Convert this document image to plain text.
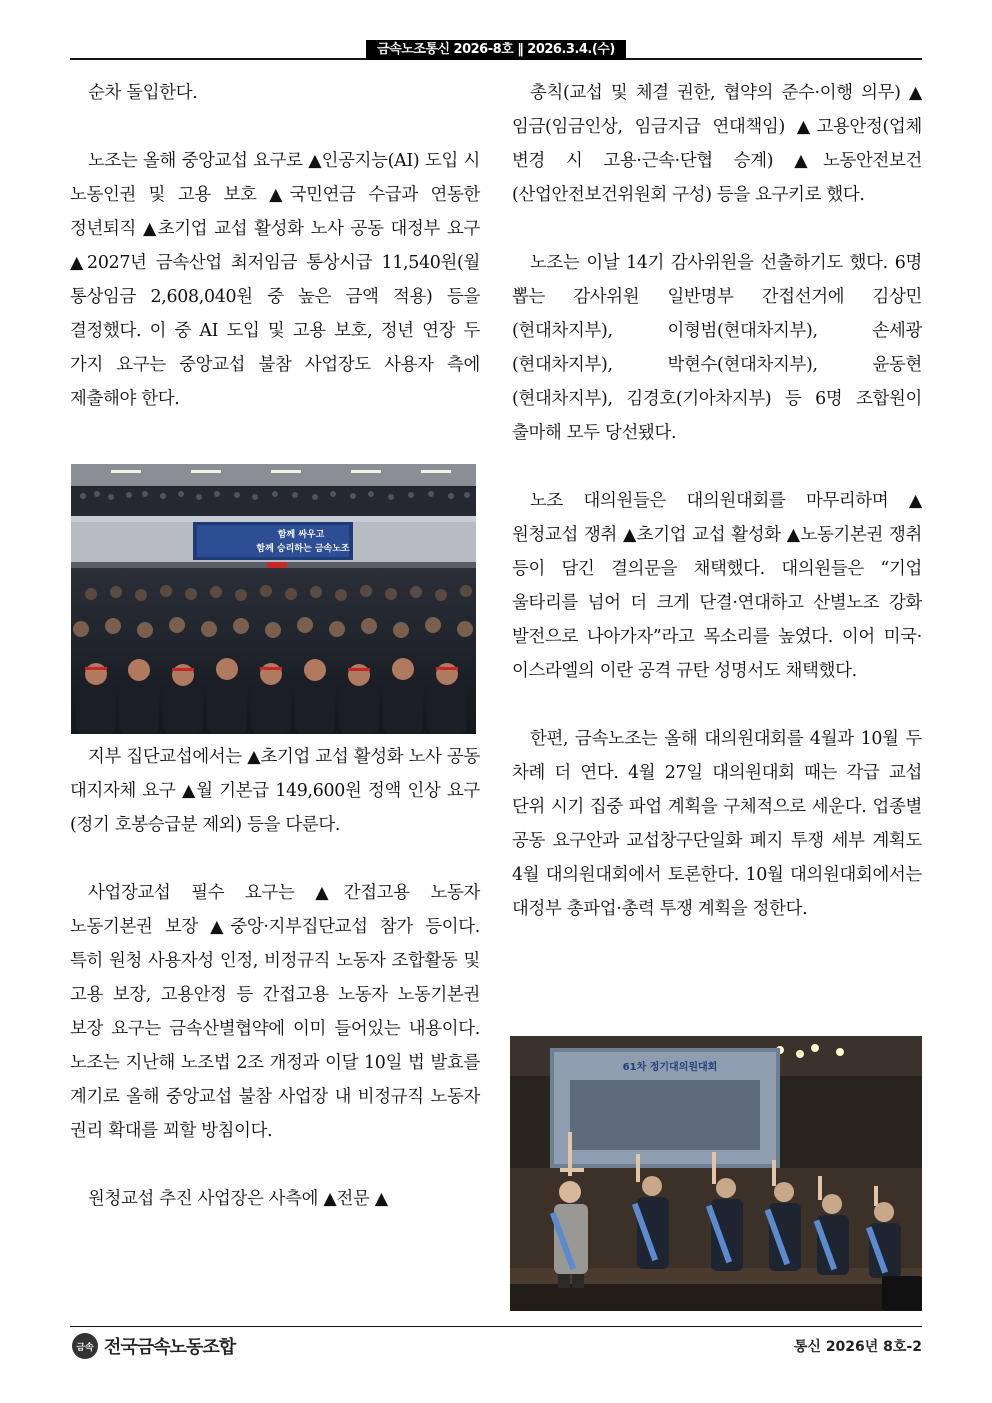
금속노조통신 2026-8호 ‖ 2026.3.4.(수)

순차 돌입한다.

노조는 올해 중앙교섭 요구로 ▲인공지능(AI) 도입 시 노동인권 및 고용 보호 ▲국민연금 수급과 연동한 정년퇴직 ▲초기업 교섭 활성화 노사 공동 대정부 요구 ▲2027년 금속산업 최저임금 통상시급 11,540원(월 통상임금 2,608,040원 중 높은 금액 적용) 등을 결정했다. 이 중 AI 도입 및 고용 보호, 정년 연장 두 가지 요구는 중앙교섭 불참 사업장도 사용자 측에 제출해야 한다.

지부 집단교섭에서는 ▲초기업 교섭 활성화 노사 공동 대지자체 요구 ▲월 기본급 149,600원 정액 인상 요구(정기 호봉승급분 제외) 등을 다룬다.

사업장교섭 필수 요구는 ▲간접고용 노동자 노동기본권 보장 ▲중앙·지부집단교섭 참가 등이다. 특히 원청 사용자성 인정, 비정규직 노동자 조합활동 및 고용 보장, 고용안정 등 간접고용 노동자 노동기본권 보장 요구는 금속산별협약에 이미 들어있는 내용이다. 노조는 지난해 노조법 2조 개정과 이달 10일 법 발효를 계기로 올해 중앙교섭 불참 사업장 내 비정규직 노동자 권리 확대를 꾀할 방침이다.

원청교섭 추진 사업장은 사측에 ▲전문 ▲

함께 싸우고
함께 승리하는 금속노조

총칙(교섭 및 체결 권한, 협약의 준수·이행 의무) ▲임금(임금인상, 임금지급 연대책임) ▲고용안정(업체 변경 시 고용·근속·단협 승계) ▲노동안전보건(산업안전보건위원회 구성) 등을 요구키로 했다.

노조는 이날 14기 감사위원을 선출하기도 했다. 6명 뽑는 감사위원 일반명부 간접선거에 김상민(현대차지부), 이형범(현대차지부), 손세광(현대차지부), 박현수(현대차지부), 윤동현(현대차지부), 김경호(기아차지부) 등 6명 조합원이 출마해 모두 당선됐다.

노조 대의원들은 대의원대회를 마무리하며 ▲원청교섭 쟁취 ▲초기업 교섭 활성화 ▲노동기본권 쟁취 등이 담긴 결의문을 채택했다. 대의원들은 “기업 울타리를 넘어 더 크게 단결·연대하고 산별노조 강화 발전으로 나아가자”라고 목소리를 높였다. 이어 미국·이스라엘의 이란 공격 규탄 성명서도 채택했다.

한편, 금속노조는 올해 대의원대회를 4월과 10월 두 차례 더 연다. 4월 27일 대의원대회 때는 각급 교섭 단위 시기 집중 파업 계획을 구체적으로 세운다. 업종별 공동 요구안과 교섭창구단일화 폐지 투쟁 세부 계획도 4월 대의원대회에서 토론한다. 10월 대의원대회에서는 대정부 총파업·총력 투쟁 계획을 정한다.

61차 정기대의원대회
금속 전국금속노동조합	통신 2026년 8호-2
